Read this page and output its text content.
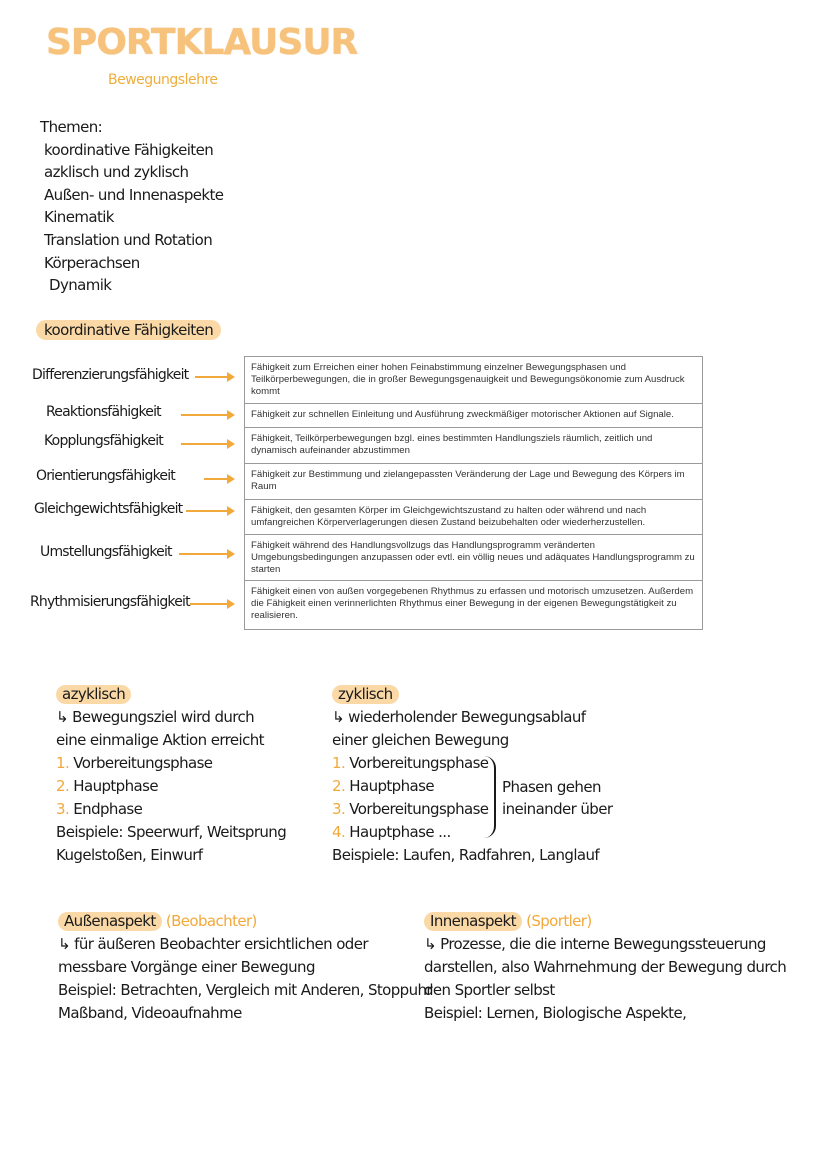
SPORTKLAUSUR
Bewegungslehre
Themen:
koordinative Fähigkeiten
azklisch und zyklisch
Außen- und Innenaspekte
Kinematik
Translation und Rotation
Körperachsen
Dynamik
koordinative Fähigkeiten
Differenzierungsfähigkeit
Reaktionsfähigkeit
Kopplungsfähigkeit
Orientierungsfähigkeit
Gleichgewichtsfähigkeit
Umstellungsfähigkeit
Rhythmisierungsfähigkeit
Fähigkeit zum Erreichen einer hohen Feinabstimmung einzelner Bewegungsphasen und Teilkörperbewegungen, die in großer Bewegungsgenauigkeit und Bewegungsökonomie zum Ausdruck kommt
Fähigkeit zur schnellen Einleitung und Ausführung zweckmäßiger motorischer Aktionen auf Signale.
Fähigkeit, Teilkörperbewegungen bzgl. eines bestimmten Handlungsziels räumlich, zeitlich und dynamisch aufeinander abzustimmen
Fähigkeit zur Bestimmung und zielangepassten Veränderung der Lage und Bewegung des Körpers im Raum
Fähigkeit, den gesamten Körper im Gleichgewichtszustand zu halten oder während und nach umfangreichen Körperverlagerungen diesen Zustand beizubehalten oder wiederherzustellen.
Fähigkeit während des Handlungsvollzugs das Handlungsprogramm veränderten Umgebungsbedingungen anzupassen oder evtl. ein völlig neues und adäquates Handlungsprogramm zu starten
Fähigkeit einen von außen vorgegebenen Rhythmus zu erfassen und motorisch umzusetzen. Außerdem die Fähigkeit einen verinnerlichten Rhythmus einer Bewegung in der eigenen Bewegungstätigkeit zu realisieren.
azyklisch
↳ Bewegungsziel wird durch
eine einmalige Aktion erreicht
1. Vorbereitungsphase
2. Hauptphase
3. Endphase
Beispiele: Speerwurf, Weitsprung
Kugelstoßen, Einwurf
zyklisch
↳ wiederholender Bewegungsablauf
einer gleichen Bewegung
1. Vorbereitungsphase
2. Hauptphase
3. Vorbereitungsphase
4. Hauptphase ...
Beispiele: Laufen, Radfahren, Langlauf
Phasen gehen
ineinander über
Außenaspekt (Beobachter)
↳ für äußeren Beobachter ersichtlichen oder
messbare Vorgänge einer Bewegung
Beispiel: Betrachten, Vergleich mit Anderen, Stoppuhr
Maßband, Videoaufnahme
Innenaspekt (Sportler)
↳ Prozesse, die die interne Bewegungssteuerung
darstellen, also Wahrnehmung der Bewegung durch
den Sportler selbst
Beispiel: Lernen, Biologische Aspekte,
